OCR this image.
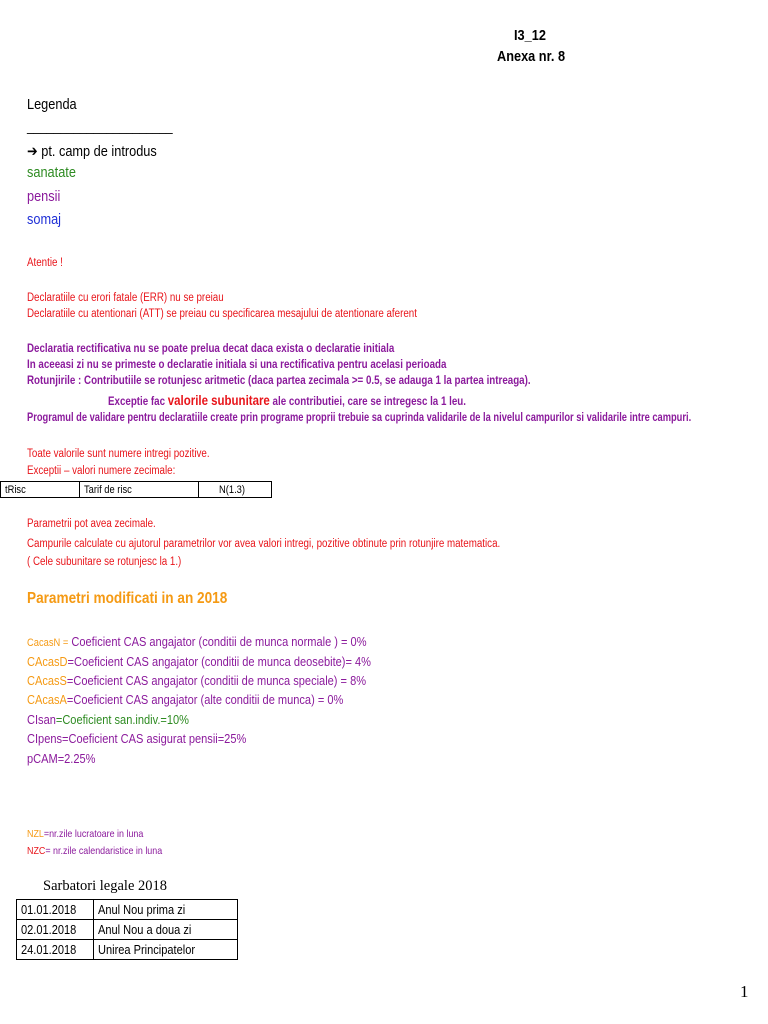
I3_12
Anexa nr. 8
Legenda
______________________
➔ pt. camp de introdus
sanatate
pensii
somaj
Atentie !
Declaratiile cu erori fatale (ERR) nu se preiau
Declaratiile cu atentionari (ATT) se preiau cu specificarea mesajului de atentionare aferent
Declaratia rectificativa nu se poate prelua decat daca exista o declaratie initiala
In aceeasi zi nu se primeste o declaratie initiala si una rectificativa pentru acelasi perioada
Rotunjirile : Contributiile se rotunjesc aritmetic (daca partea zecimala >= 0.5, se adauga 1 la partea intreaga).
Exceptie fac valorile subunitare ale contributiei, care se intregesc la 1 leu.
Programul de validare pentru declaratiile create prin programe proprii trebuie sa cuprinda validarile de la nivelul campurilor si validarile intre campuri.
Toate valorile sunt numere intregi pozitive.
Exceptii – valori numere zecimale:
tRisc	Tarif de risc	N(1.3)
Parametrii pot avea zecimale.
Campurile calculate cu ajutorul parametrilor vor avea valori intregi, pozitive obtinute prin rotunjire matematica.
( Cele subunitare se rotunjesc la 1.)
Parametri modificati in an 2018
CacasN = Coeficient CAS angajator (conditii de munca normale ) = 0%
CAcasD=Coeficient CAS angajator (conditii de munca deosebite)= 4%
CAcasS=Coeficient CAS angajator (conditii de munca speciale) = 8%
CAcasA=Coeficient CAS angajator (alte conditii de munca) = 0%
CIsan=Coeficient san.indiv.=10%
CIpens=Coeficient CAS asigurat pensii=25%
pCAM=2.25%
NZL=nr.zile lucratoare in luna
NZC= nr.zile calendaristice in luna
Sarbatori legale 2018
01.01.2018	Anul Nou prima zi
02.01.2018	Anul Nou a doua zi
24.01.2018	Unirea Principatelor
1
